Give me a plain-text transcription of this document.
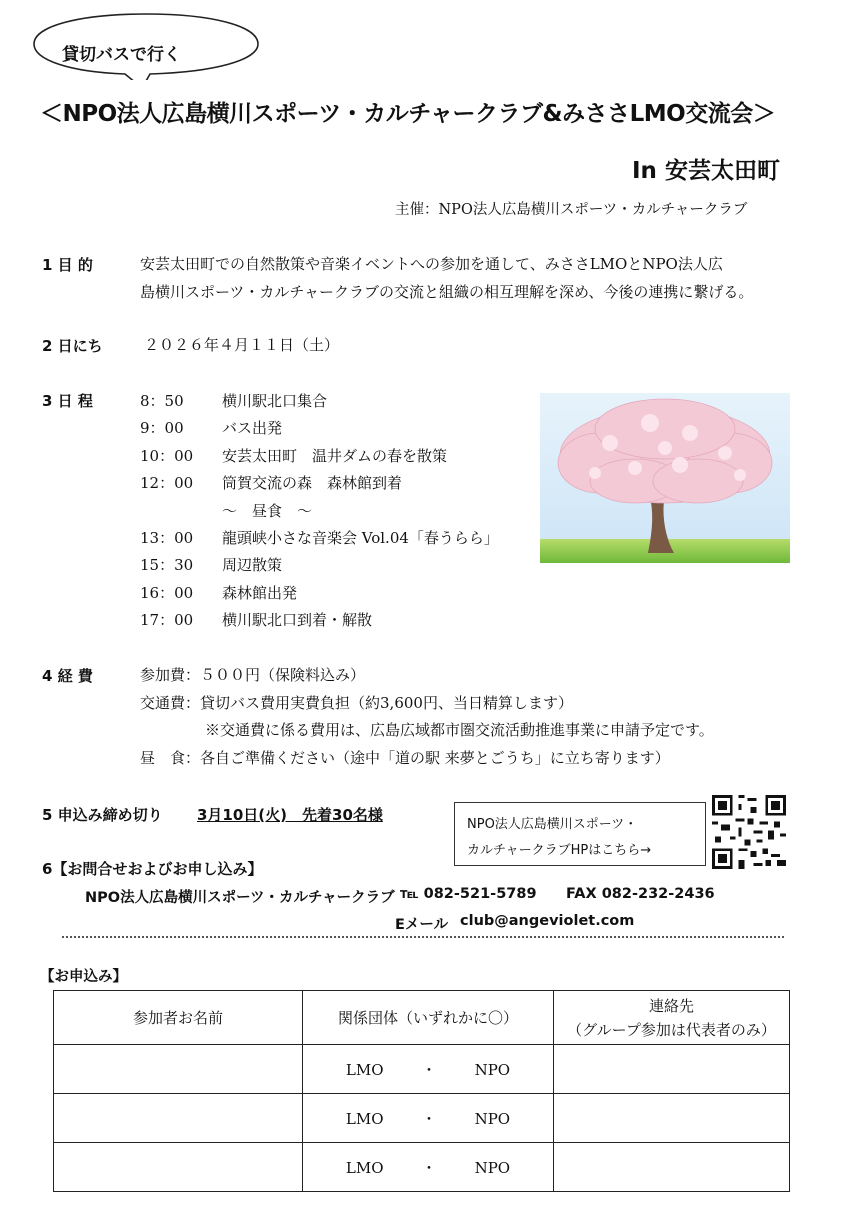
貸切バスで行く
＜NPO法人広島横川スポーツ・カルチャークラブ&みささLMO交流会＞
In 安芸太田町
主催：NPO法人広島横川スポーツ・カルチャークラブ
1 目 的	安芸太田町での自然散策や音楽イベントへの参加を通して、みささLMOとNPO法人広
島横川スポーツ・カルチャークラブの交流と組織の相互理解を深め、今後の連携に繋げる。
2 日にち	２０２６年４月１１日（土）
3 日 程	8：50	横川駅北口集合
9：00	バス出発
10：00 安芸太田町　温井ダムの春を散策
12：00 筒賀交流の森　森林館到着
～　昼食　～
13：00 龍頭峡小さな音楽会 Vol.04「春うらら」
15：30 周辺散策
16：00 森林館出発
17：00 横川駅北口到着・解散
4 経 費	参加費：５００円（保険料込み）
交通費：貸切バス費用実費負担（約3,600円、当日精算します）
※交通費に係る費用は、広島広域都市圏交流活動推進事業に申請予定です。
昼　食：各自ご準備ください（途中「道の駅 来夢とごうち」に立ち寄ります）
5 申込み締め切り 3月10日(火)　先着30名様
NPO法人広島横川スポーツ・
カルチャークラブHPはこちら→
6【お問合せおよびお申し込み】
NPO法人広島横川スポーツ・カルチャークラブ ℡ 082-521-5789 FAX 082-232-2436
Eメール club@angeviolet.com
【お申込み】
参加者お名前	関係団体（いずれかに〇）	連絡先
（グループ参加は代表者のみ）

	LMO ・ NPO	
	LMO ・ NPO	
	LMO ・ NPO	
